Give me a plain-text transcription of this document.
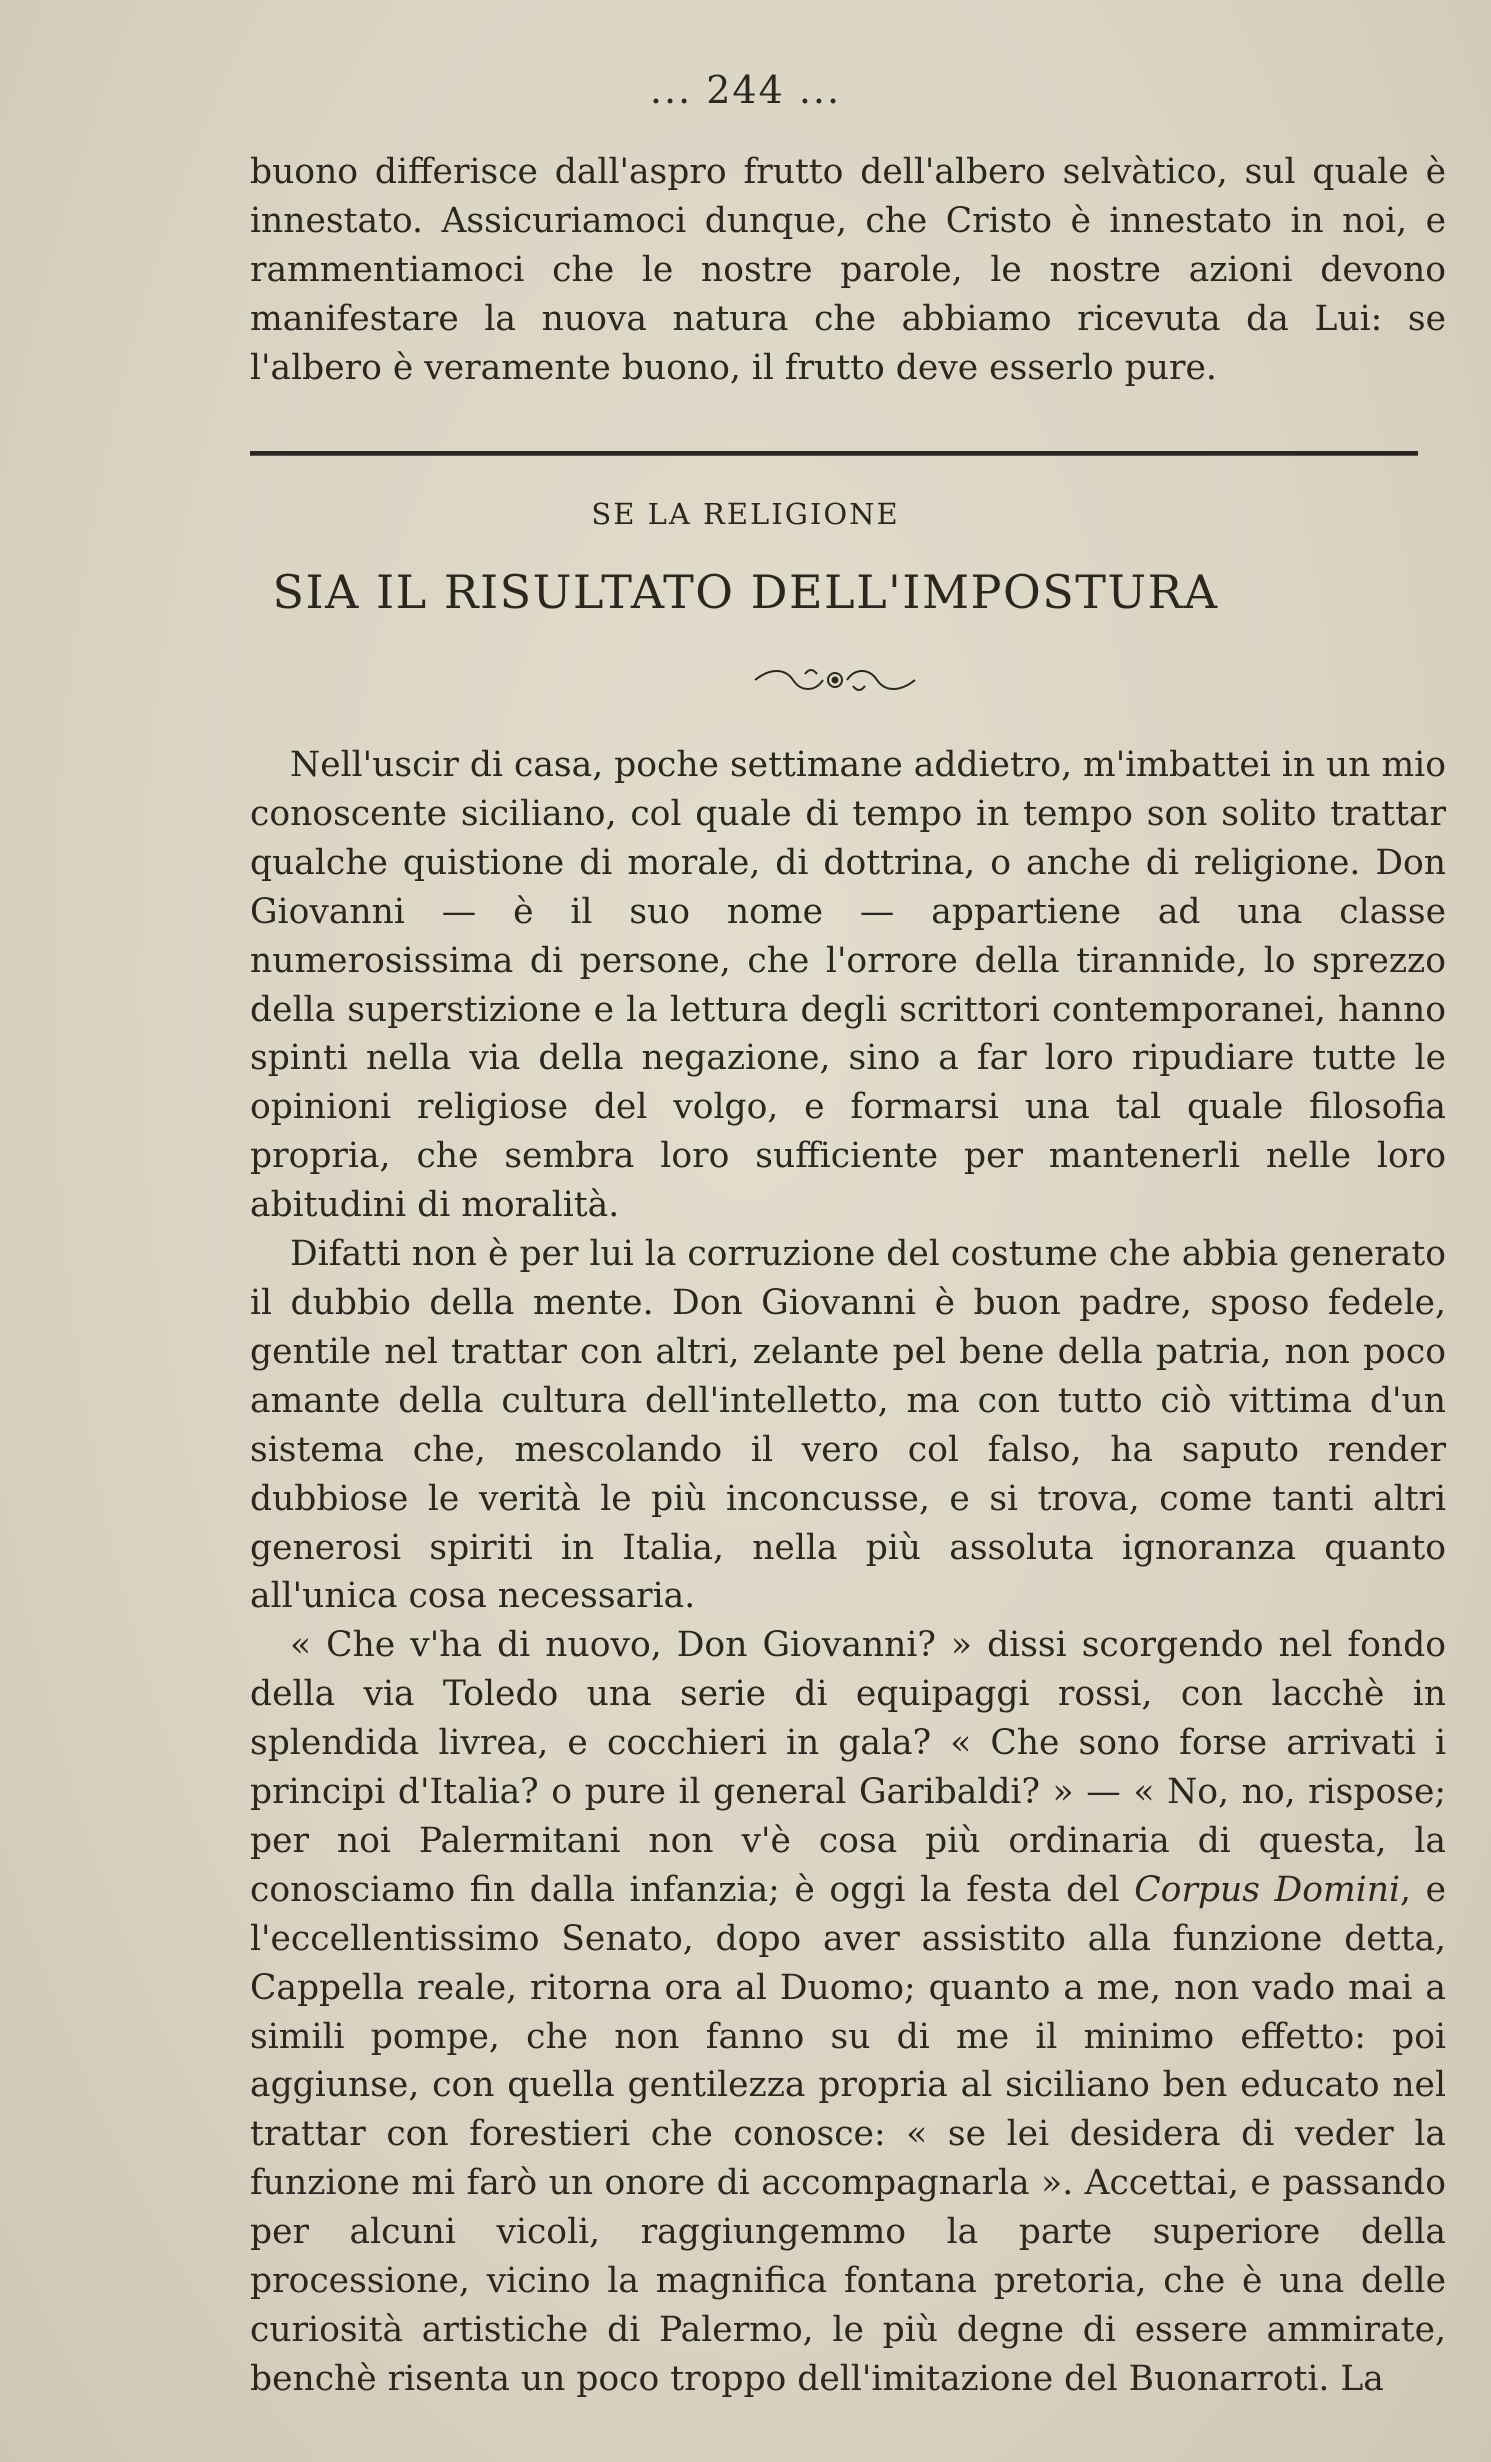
... 244 ...

buono differisce dall'aspro frutto dell'albero selvàtico, sul quale è innestato. Assicuriamoci dunque, che Cristo è innestato in noi, e rammentiamoci che le nostre parole, le nostre azioni devono manifestare la nuova natura che abbiamo ricevuta da Lui: se l'albero è veramente buono, il frutto deve esserlo pure.

SE LA RELIGIONE
SIA IL RISULTATO DELL'IMPOSTURA

Nell'uscir di casa, poche settimane addietro, m'imbattei in un mio conoscente siciliano, col quale di tempo in tempo son solito trattar qualche quistione di morale, di dottrina, o anche di religione. Don Giovanni — è il suo nome — appartiene ad una classe numerosissima di persone, che l'orrore della tirannide, lo sprezzo della superstizione e la lettura degli scrittori contemporanei, hanno spinti nella via della negazione, sino a far loro ripudiare tutte le opinioni religiose del volgo, e formarsi una tal quale filosofia propria, che sembra loro sufficiente per mantenerli nelle loro abitudini di moralità.

Difatti non è per lui la corruzione del costume che abbia generato il dubbio della mente. Don Giovanni è buon padre, sposo fedele, gentile nel trattar con altri, zelante pel bene della patria, non poco amante della cultura dell'intelletto, ma con tutto ciò vittima d'un sistema che, mescolando il vero col falso, ha saputo render dubbiose le verità le più inconcusse, e si trova, come tanti altri generosi spiriti in Italia, nella più assoluta ignoranza quanto all'unica cosa necessaria.

« Che v'ha di nuovo, Don Giovanni? » dissi scorgendo nel fondo della via Toledo una serie di equipaggi rossi, con lacchè in splendida livrea, e cocchieri in gala? « Che sono forse arrivati i principi d'Italia? o pure il general Garibaldi? » — « No, no, rispose; per noi Palermitani non v'è cosa più ordinaria di questa, la conosciamo fin dalla infanzia; è oggi la festa del Corpus Domini, e l'eccellentissimo Senato, dopo aver assistito alla funzione detta, Cappella reale, ritorna ora al Duomo; quanto a me, non vado mai a simili pompe, che non fanno su di me il minimo effetto: poi aggiunse, con quella gentilezza propria al siciliano ben educato nel trattar con forestieri che conosce: « se lei desidera di veder la funzione mi farò un onore di accompagnarla ». Accettai, e passando per alcuni vicoli, raggiungemmo la parte superiore della processione, vicino la magnifica fontana pretoria, che è una delle curiosità artistiche di Palermo, le più degne di essere ammirate, benchè risenta un poco troppo dell'imitazione del Buonarroti. La
